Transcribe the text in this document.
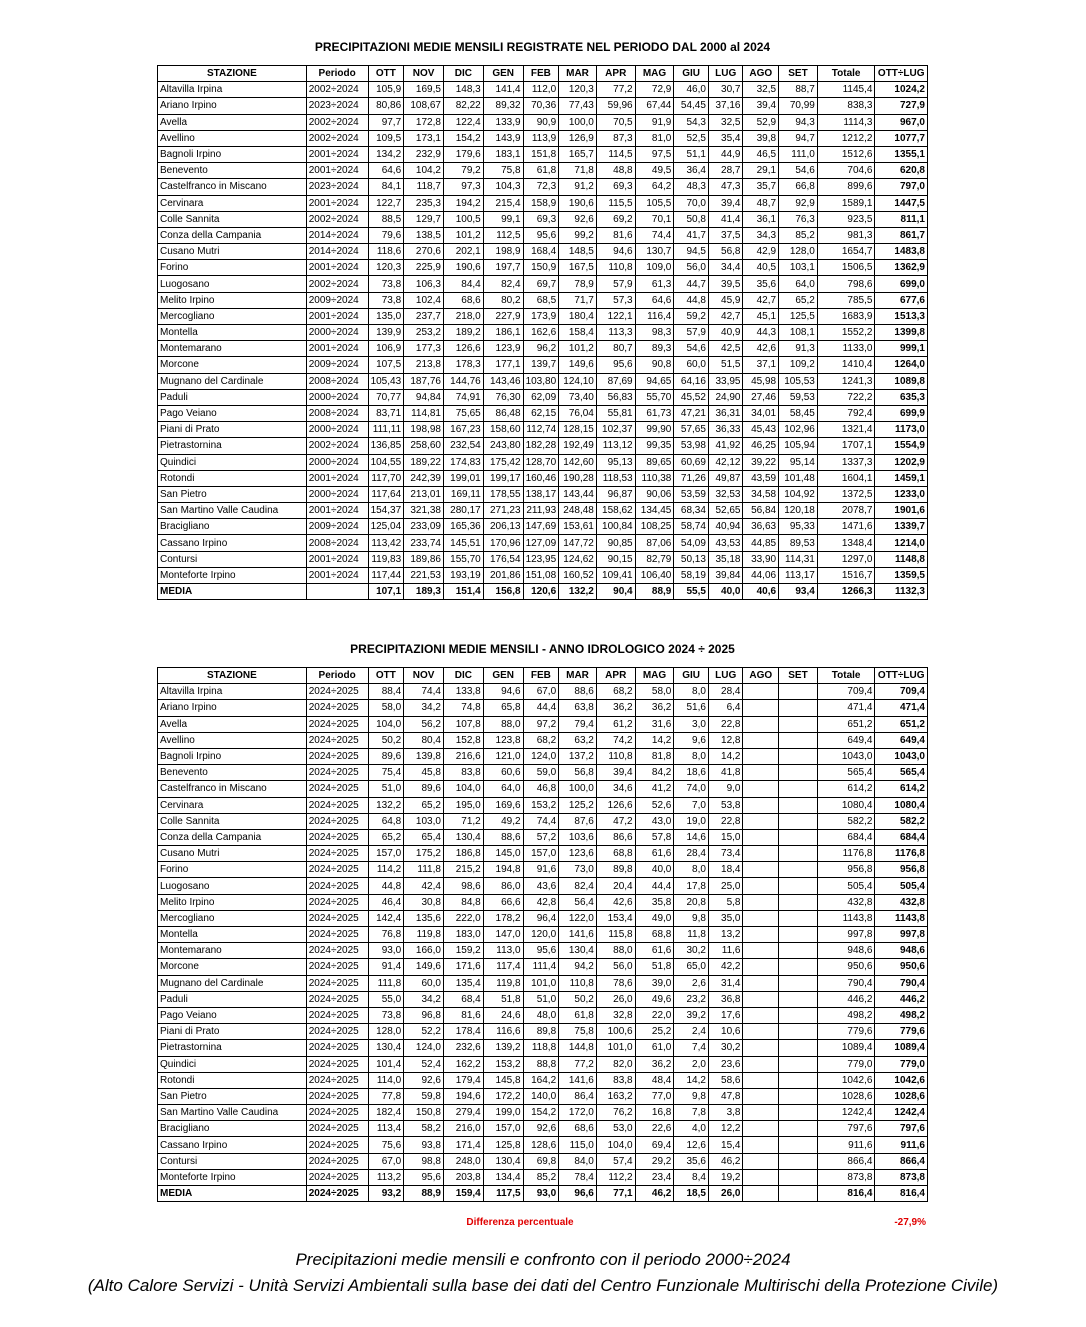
PRECIPITAZIONI MEDIE MENSILI REGISTRATE NEL PERIODO DAL 2000 al 2024
STAZIONE	Periodo	OTT	NOV	DIC	GEN	FEB	MAR	APR	MAG	GIU	LUG	AGO	SET	Totale	OTT÷LUG
Altavilla Irpina	2002÷2024	105,9	169,5	148,3	141,4	112,0	120,3	77,2	72,9	46,0	30,7	32,5	88,7	1145,4	1024,2
Ariano Irpino	2023÷2024	80,86	108,67	82,22	89,32	70,36	77,43	59,96	67,44	54,45	37,16	39,4	70,99	838,3	727,9
Avella	2002÷2024	97,7	172,8	122,4	133,9	90,9	100,0	70,5	91,9	54,3	32,5	52,9	94,3	1114,3	967,0
Avellino	2002÷2024	109,5	173,1	154,2	143,9	113,9	126,9	87,3	81,0	52,5	35,4	39,8	94,7	1212,2	1077,7
Bagnoli Irpino	2001÷2024	134,2	232,9	179,6	183,1	151,8	165,7	114,5	97,5	51,1	44,9	46,5	111,0	1512,6	1355,1
Benevento	2001÷2024	64,6	104,2	79,2	75,8	61,8	71,8	48,8	49,5	36,4	28,7	29,1	54,6	704,6	620,8
Castelfranco in Miscano	2023÷2024	84,1	118,7	97,3	104,3	72,3	91,2	69,3	64,2	48,3	47,3	35,7	66,8	899,6	797,0
Cervinara	2001÷2024	122,7	235,3	194,2	215,4	158,9	190,6	115,5	105,5	70,0	39,4	48,7	92,9	1589,1	1447,5
Colle Sannita	2002÷2024	88,5	129,7	100,5	99,1	69,3	92,6	69,2	70,1	50,8	41,4	36,1	76,3	923,5	811,1
Conza della Campania	2014÷2024	79,6	138,5	101,2	112,5	95,6	99,2	81,6	74,4	41,7	37,5	34,3	85,2	981,3	861,7
Cusano Mutri	2014÷2024	118,6	270,6	202,1	198,9	168,4	148,5	94,6	130,7	94,5	56,8	42,9	128,0	1654,7	1483,8
Forino	2001÷2024	120,3	225,9	190,6	197,7	150,9	167,5	110,8	109,0	56,0	34,4	40,5	103,1	1506,5	1362,9
Luogosano	2002÷2024	73,8	106,3	84,4	82,4	69,7	78,9	57,9	61,3	44,7	39,5	35,6	64,0	798,6	699,0
Melito Irpino	2009÷2024	73,8	102,4	68,6	80,2	68,5	71,7	57,3	64,6	44,8	45,9	42,7	65,2	785,5	677,6
Mercogliano	2001÷2024	135,0	237,7	218,0	227,9	173,9	180,4	122,1	116,4	59,2	42,7	45,1	125,5	1683,9	1513,3
Montella	2000÷2024	139,9	253,2	189,2	186,1	162,6	158,4	113,3	98,3	57,9	40,9	44,3	108,1	1552,2	1399,8
Montemarano	2001÷2024	106,9	177,3	126,6	123,9	96,2	101,2	80,7	89,3	54,6	42,5	42,6	91,3	1133,0	999,1
Morcone	2009÷2024	107,5	213,8	178,3	177,1	139,7	149,6	95,6	90,8	60,0	51,5	37,1	109,2	1410,4	1264,0
Mugnano del Cardinale	2008÷2024	105,43	187,76	144,76	143,46	103,80	124,10	87,69	94,65	64,16	33,95	45,98	105,53	1241,3	1089,8
Paduli	2000÷2024	70,77	94,84	74,91	76,30	62,09	73,40	56,83	55,70	45,52	24,90	27,46	59,53	722,2	635,3
Pago Veiano	2008÷2024	83,71	114,81	75,65	86,48	62,15	76,04	55,81	61,73	47,21	36,31	34,01	58,45	792,4	699,9
Piani di Prato	2000÷2024	111,11	198,98	167,23	158,60	112,74	128,15	102,37	99,90	57,65	36,33	45,43	102,96	1321,4	1173,0
Pietrastornina	2002÷2024	136,85	258,60	232,54	243,80	182,28	192,49	113,12	99,35	53,98	41,92	46,25	105,94	1707,1	1554,9
Quindici	2000÷2024	104,55	189,22	174,83	175,42	128,70	142,60	95,13	89,65	60,69	42,12	39,22	95,14	1337,3	1202,9
Rotondi	2001÷2024	117,70	242,39	199,01	199,17	160,46	190,28	118,53	110,38	71,26	49,87	43,59	101,48	1604,1	1459,1
San Pietro	2000÷2024	117,64	213,01	169,11	178,55	138,17	143,44	96,87	90,06	53,59	32,53	34,58	104,92	1372,5	1233,0
San Martino Valle Caudina	2001÷2024	154,37	321,38	280,17	271,23	211,93	248,48	158,62	134,45	68,34	52,65	56,84	120,18	2078,7	1901,6
Bracigliano	2009÷2024	125,04	233,09	165,36	206,13	147,69	153,61	100,84	108,25	58,74	40,94	36,63	95,33	1471,6	1339,7
Cassano Irpino	2008÷2024	113,42	233,74	145,51	170,96	127,09	147,72	90,85	87,06	54,09	43,53	44,85	89,53	1348,4	1214,0
Contursi	2001÷2024	119,83	189,86	155,70	176,54	123,95	124,62	90,15	82,79	50,13	35,18	33,90	114,31	1297,0	1148,8
Monteforte Irpino	2001÷2024	117,44	221,53	193,19	201,86	151,08	160,52	109,41	106,40	58,19	39,84	44,06	113,17	1516,7	1359,5
MEDIA		107,1	189,3	151,4	156,8	120,6	132,2	90,4	88,9	55,5	40,0	40,6	93,4	1266,3	1132,3
PRECIPITAZIONI MEDIE MENSILI - ANNO IDROLOGICO 2024 ÷ 2025
STAZIONE	Periodo	OTT	NOV	DIC	GEN	FEB	MAR	APR	MAG	GIU	LUG	AGO	SET	Totale	OTT÷LUG
Altavilla Irpina	2024÷2025	88,4	74,4	133,8	94,6	67,0	88,6	68,2	58,0	8,0	28,4			709,4	709,4
Ariano Irpino	2024÷2025	58,0	34,2	74,8	65,8	44,4	63,8	36,2	36,2	51,6	6,4			471,4	471,4
Avella	2024÷2025	104,0	56,2	107,8	88,0	97,2	79,4	61,2	31,6	3,0	22,8			651,2	651,2
Avellino	2024÷2025	50,2	80,4	152,8	123,8	68,2	63,2	74,2	14,2	9,6	12,8			649,4	649,4
Bagnoli Irpino	2024÷2025	89,6	139,8	216,6	121,0	124,0	137,2	110,8	81,8	8,0	14,2			1043,0	1043,0
Benevento	2024÷2025	75,4	45,8	83,8	60,6	59,0	56,8	39,4	84,2	18,6	41,8			565,4	565,4
Castelfranco in Miscano	2024÷2025	51,0	89,6	104,0	64,0	46,8	100,0	34,6	41,2	74,0	9,0			614,2	614,2
Cervinara	2024÷2025	132,2	65,2	195,0	169,6	153,2	125,2	126,6	52,6	7,0	53,8			1080,4	1080,4
Colle Sannita	2024÷2025	64,8	103,0	71,2	49,2	74,4	87,6	47,2	43,0	19,0	22,8			582,2	582,2
Conza della Campania	2024÷2025	65,2	65,4	130,4	88,6	57,2	103,6	86,6	57,8	14,6	15,0			684,4	684,4
Cusano Mutri	2024÷2025	157,0	175,2	186,8	145,0	157,0	123,6	68,8	61,6	28,4	73,4			1176,8	1176,8
Forino	2024÷2025	114,2	111,8	215,2	194,8	91,6	73,0	89,8	40,0	8,0	18,4			956,8	956,8
Luogosano	2024÷2025	44,8	42,4	98,6	86,0	43,6	82,4	20,4	44,4	17,8	25,0			505,4	505,4
Melito Irpino	2024÷2025	46,4	30,8	84,8	66,6	42,8	56,4	42,6	35,8	20,8	5,8			432,8	432,8
Mercogliano	2024÷2025	142,4	135,6	222,0	178,2	96,4	122,0	153,4	49,0	9,8	35,0			1143,8	1143,8
Montella	2024÷2025	76,8	119,8	183,0	147,0	120,0	141,6	115,8	68,8	11,8	13,2			997,8	997,8
Montemarano	2024÷2025	93,0	166,0	159,2	113,0	95,6	130,4	88,0	61,6	30,2	11,6			948,6	948,6
Morcone	2024÷2025	91,4	149,6	171,6	117,4	111,4	94,2	56,0	51,8	65,0	42,2			950,6	950,6
Mugnano del Cardinale	2024÷2025	111,8	60,0	135,4	119,8	101,0	110,8	78,6	39,0	2,6	31,4			790,4	790,4
Paduli	2024÷2025	55,0	34,2	68,4	51,8	51,0	50,2	26,0	49,6	23,2	36,8			446,2	446,2
Pago Veiano	2024÷2025	73,8	96,8	81,6	24,6	48,0	61,8	32,8	22,0	39,2	17,6			498,2	498,2
Piani di Prato	2024÷2025	128,0	52,2	178,4	116,6	89,8	75,8	100,6	25,2	2,4	10,6			779,6	779,6
Pietrastornina	2024÷2025	130,4	124,0	232,6	139,2	118,8	144,8	101,0	61,0	7,4	30,2			1089,4	1089,4
Quindici	2024÷2025	101,4	52,4	162,2	153,2	88,8	77,2	82,0	36,2	2,0	23,6			779,0	779,0
Rotondi	2024÷2025	114,0	92,6	179,4	145,8	164,2	141,6	83,8	48,4	14,2	58,6			1042,6	1042,6
San Pietro	2024÷2025	77,8	59,8	194,6	172,2	140,0	86,4	163,2	77,0	9,8	47,8			1028,6	1028,6
San Martino Valle Caudina	2024÷2025	182,4	150,8	279,4	199,0	154,2	172,0	76,2	16,8	7,8	3,8			1242,4	1242,4
Bracigliano	2024÷2025	113,4	58,2	216,0	157,0	92,6	68,6	53,0	22,6	4,0	12,2			797,6	797,6
Cassano Irpino	2024÷2025	75,6	93,8	171,4	125,8	128,6	115,0	104,0	69,4	12,6	15,4			911,6	911,6
Contursi	2024÷2025	67,0	98,8	248,0	130,4	69,8	84,0	57,4	29,2	35,6	46,2			866,4	866,4
Monteforte Irpino	2024÷2025	113,2	95,6	203,8	134,4	85,2	78,4	112,2	23,4	8,4	19,2			873,8	873,8
MEDIA	2024÷2025	93,2	88,9	159,4	117,5	93,0	96,6	77,1	46,2	18,5	26,0			816,4	816,4
Differenza percentuale	-27,9%
Precipitazioni medie mensili e confronto con il periodo 2000÷2024
(Alto Calore Servizi - Unità Servizi Ambientali sulla base dei dati del Centro Funzionale Multirischi della Protezione Civile)
